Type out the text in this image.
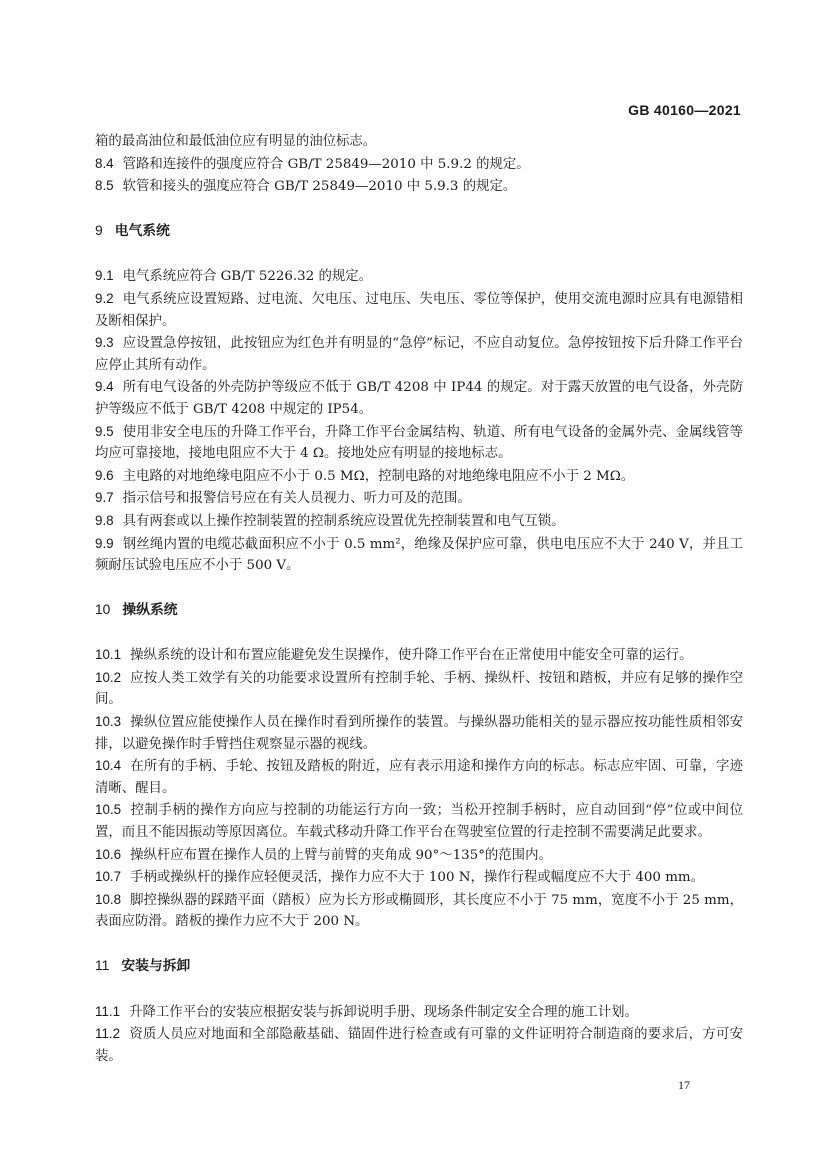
GB 40160—2021

箱的最高油位和最低油位应有明显的油位标志。

8.4 管路和连接件的强度应符合 GB/T 25849—2010 中 5.9.2 的规定。

8.5 软管和接头的强度应符合 GB/T 25849—2010 中 5.9.3 的规定。

9 电气系统

9.1 电气系统应符合 GB/T 5226.32 的规定。

9.2 电气系统应设置短路、过电流、欠电压、过电压、失电压、零位等保护，使用交流电源时应具有电源错相及断相保护。

9.3 应设置急停按钮，此按钮应为红色并有明显的“急停”标记，不应自动复位。急停按钮按下后升降工作平台应停止其所有动作。

9.4 所有电气设备的外壳防护等级应不低于 GB/T 4208 中 IP44 的规定。对于露天放置的电气设备，外壳防护等级应不低于 GB/T 4208 中规定的 IP54。

9.5 使用非安全电压的升降工作平台，升降工作平台金属结构、轨道、所有电气设备的金属外壳、金属线管等均应可靠接地，接地电阻应不大于 4 Ω。接地处应有明显的接地标志。

9.6 主电路的对地绝缘电阻应不小于 0.5 MΩ，控制电路的对地绝缘电阻应不小于 2 MΩ。

9.7 指示信号和报警信号应在有关人员视力、听力可及的范围。

9.8 具有两套或以上操作控制装置的控制系统应设置优先控制装置和电气互锁。

9.9 钢丝绳内置的电缆芯截面积应不小于 0.5 mm²，绝缘及保护应可靠，供电电压应不大于 240 V，并且工频耐压试验电压应不小于 500 V。

10 操纵系统

10.1 操纵系统的设计和布置应能避免发生误操作，使升降工作平台在正常使用中能安全可靠的运行。

10.2 应按人类工效学有关的功能要求设置所有控制手轮、手柄、操纵杆、按钮和踏板，并应有足够的操作空间。

10.3 操纵位置应能使操作人员在操作时看到所操作的装置。与操纵器功能相关的显示器应按功能性质相邻安排，以避免操作时手臂挡住观察显示器的视线。

10.4 在所有的手柄、手轮、按钮及踏板的附近，应有表示用途和操作方向的标志。标志应牢固、可靠，字迹清晰、醒目。

10.5 控制手柄的操作方向应与控制的功能运行方向一致；当松开控制手柄时，应自动回到“停”位或中间位置，而且不能因振动等原因离位。车载式移动升降工作平台在驾驶室位置的行走控制不需要满足此要求。

10.6 操纵杆应布置在操作人员的上臂与前臂的夹角成 90°～135°的范围内。

10.7 手柄或操纵杆的操作应轻便灵活，操作力应不大于 100 N，操作行程或幅度应不大于 400 mm。

10.8 脚控操纵器的踩踏平面（踏板）应为长方形或椭圆形，其长度应不小于 75 mm，宽度不小于 25 mm，表面应防滑。踏板的操作力应不大于 200 N。

11 安装与拆卸

11.1 升降工作平台的安装应根据安装与拆卸说明手册、现场条件制定安全合理的施工计划。

11.2 资质人员应对地面和全部隐蔽基础、锚固件进行检查或有可靠的文件证明符合制造商的要求后，方可安装。

17
